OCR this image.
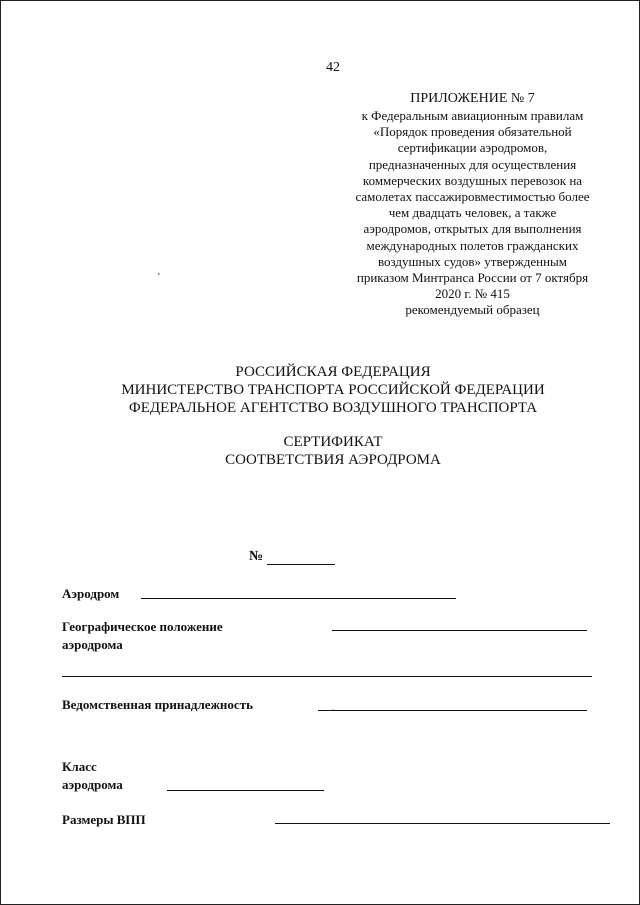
42
ПРИЛОЖЕНИЕ № 7
к Федеральным авиационным правилам
«Порядок проведения обязательной
сертификации аэродромов,
предназначенных для осуществления
коммерческих воздушных перевозок на
самолетах пассажировместимостью более
чем двадцать человек, а также
аэродромов, открытых для выполнения
международных полетов гражданских
воздушных судов» утвержденным
приказом Минтранса России от 7 октября
2020 г. № 415
рекомендуемый образец
'
РОССИЙСКАЯ ФЕДЕРАЦИЯ
МИНИСТЕРСТВО ТРАНСПОРТА РОССИЙСКОЙ ФЕДЕРАЦИИ
ФЕДЕРАЛЬНОЕ АГЕНТСТВО ВОЗДУШНОГО ТРАНСПОРТА
СЕРТИФИКАТ
СООТВЕТСТВИЯ АЭРОДРОМА
№
Аэродром
Географическое положение
аэродрома
Ведомственная принадлежность	.
Класс
аэродрома
Размеры ВПП
